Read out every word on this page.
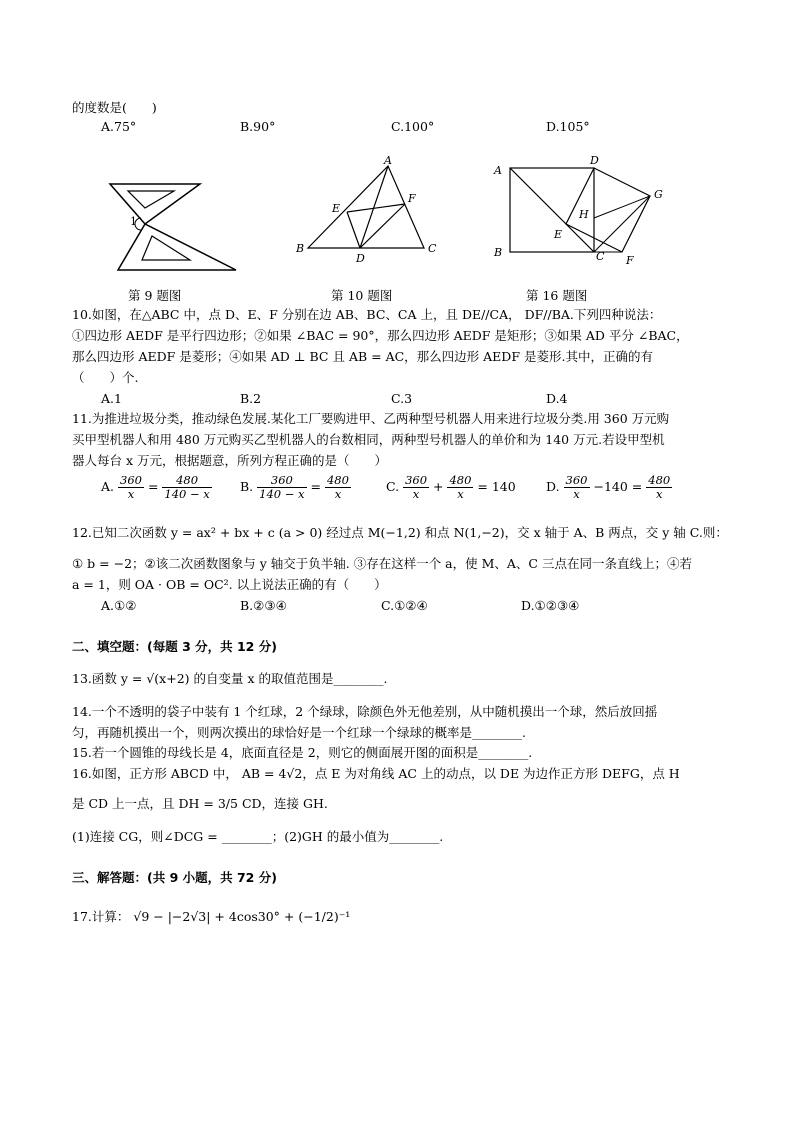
的度数是(　　)
A.75°	B.90°	C.100°	D.105°
1
第 9 题图
A
B	C
D
E
F
第 10 题图
A
B	C
D
E
F
G
H
第 16 题图
10.如图，在△ABC 中，点 D、E、F 分别在边 AB、BC、CA 上，且 DE//CA， DF//BA.下列四种说法：
①四边形 AEDF 是平行四边形；②如果 ∠BAC = 90°，那么四边形 AEDF 是矩形；③如果 AD 平分 ∠BAC，
那么四边形 AEDF 是菱形；④如果 AD ⊥ BC 且 AB = AC，那么四边形 AEDF 是菱形.其中，正确的有
（　　）个.
A.1	B.2	C.3	D.4
11.为推进垃圾分类，推动绿色发展.某化工厂要购进甲、乙两种型号机器人用来进行垃圾分类.用 360 万元购
买甲型机器人和用 480 万元购买乙型机器人的台数相同，两种型号机器人的单价和为 140 万元.若设甲型机
器人每台 x 万元，根据题意，所列方程正确的是（　　）
A. $\frac{360}{x} = \frac{480}{140 - x} B$. $\frac{360}{140 - x} = \frac{480}{x}$	C. $\frac{360}{x} + \frac{480}{x} = 140$ D. $\frac{360}{x} -140 = \frac{480}{x}$
12.已知二次函数 y = ax² + bx + c (a > 0) 经过点 M(−1,2) 和点 N(1,−2)，交 x 轴于 A、B 两点，交 y 轴 C.则：
① b = −2；②该二次函数图象与 y 轴交于负半轴. ③存在这样一个 a，使 M、A、C 三点在同一条直线上；④若
a = 1，则 OA · OB = OC². 以上说法正确的有（　　）
A.①②	B.②③④	C.①②④	D.①②③④
二、填空题：(每题 3 分，共 12 分)
13.函数 y = √(x+2) 的自变量 x 的取值范围是________.
14.一个不透明的袋子中装有 1 个红球，2 个绿球，除颜色外无他差别，从中随机摸出一个球，然后放回摇
匀，再随机摸出一个，则两次摸出的球恰好是一个红球一个绿球的概率是________.
15.若一个圆锥的母线长是 4，底面直径是 2，则它的侧面展开图的面积是________.
16.如图，正方形 ABCD 中， AB = 4√2，点 E 为对角线 AC 上的动点，以 DE 为边作正方形 DEFG，点 H
是 CD 上一点，且 DH = 3/5 CD，连接 GH.
(1)连接 CG，则∠DCG = ________；(2)GH 的最小值为________.
三、解答题：(共 9 小题，共 72 分)
17.计算： √9 − |−2√3| + 4cos30° + (−1/2)⁻¹
